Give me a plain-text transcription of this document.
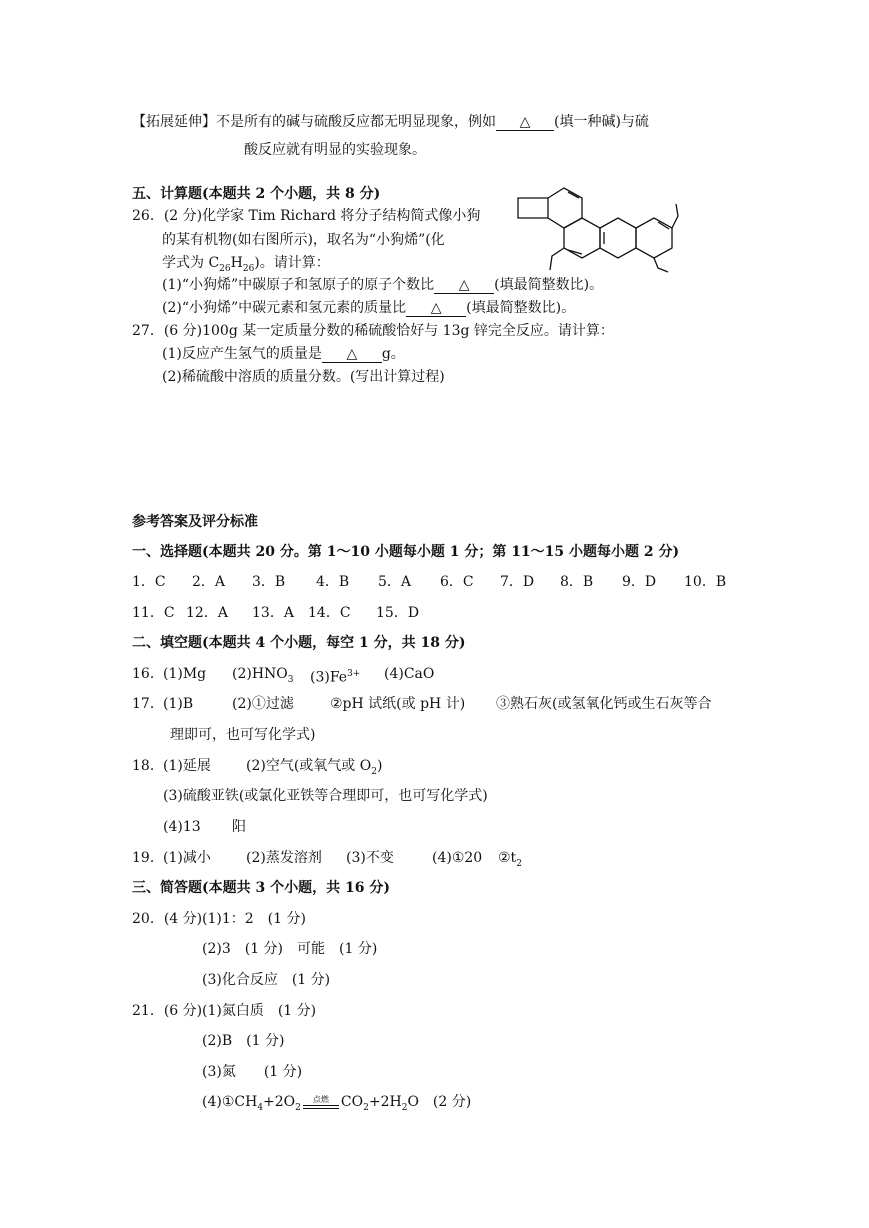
【拓展延伸】不是所有的碱与硫酸反应都无明显现象，例如 △ (填一种碱)与硫
酸反应就有明显的实验现象。
五、计算题(本题共 2 个小题，共 8 分)
26．(2 分)化学家 Tim Richard 将分子结构简式像小狗
的某有机物(如右图所示)，取名为“小狗烯”(化
学式为 $C_{26}H_{26}$)。请计算：
(1)“小狗烯”中碳原子和氢原子的原子个数比 △ (填最简整数比)。
(2)“小狗烯”中碳元素和氢元素的质量比 △ (填最简整数比)。
27．(6 分)100g 某一定质量分数的稀硫酸恰好与 13g 锌完全反应。请计算：
(1)反应产生氢气的质量是 △ g。
(2)稀硫酸中溶质的质量分数。(写出计算过程)
参考答案及评分标准
一、选择题(本题共 20 分。第 1～10 小题每小题 1 分；第 11～15 小题每小题 2 分)
1．C 2．A 3．B 4．B 5．A 6．C 7．D 8．B 9．D 10．B
11．C 12．A 13．A 14．C 15．D
二、填空题(本题共 4 个小题，每空 1 分，共 18 分)
16． (1)Mg $(2)HNO_3$ $(3)Fe^{3+}$ (4)CaO
17． (1)B	(2)①过滤	②pH 试纸(或 pH 计) ③熟石灰(或氢氧化钙或生石灰等合
理即可，也可写化学式)
18． (1)延展	(2)空气(或氧气或 $O_2$)
(3)硫酸亚铁(或氯化亚铁等合理即可，也可写化学式)
(4)13 阳
19． (1)减小	(2)蒸发溶剂 (3)不变	(4)①20 $②t_2$
三、简答题(本题共 3 个小题，共 16 分)
20．(4 分) (1)1：2　(1 分)
(2)3　(1 分)　可能　(1 分)
(3)化合反应　(1 分)
21．(6 分) (1)氮白质　(1 分)
(2)B　(1 分)
(3)氮　　(1 分)
$(4)①CH_4+2O_2$
点燃 $CO_2+2H_2O$　(2 分)
